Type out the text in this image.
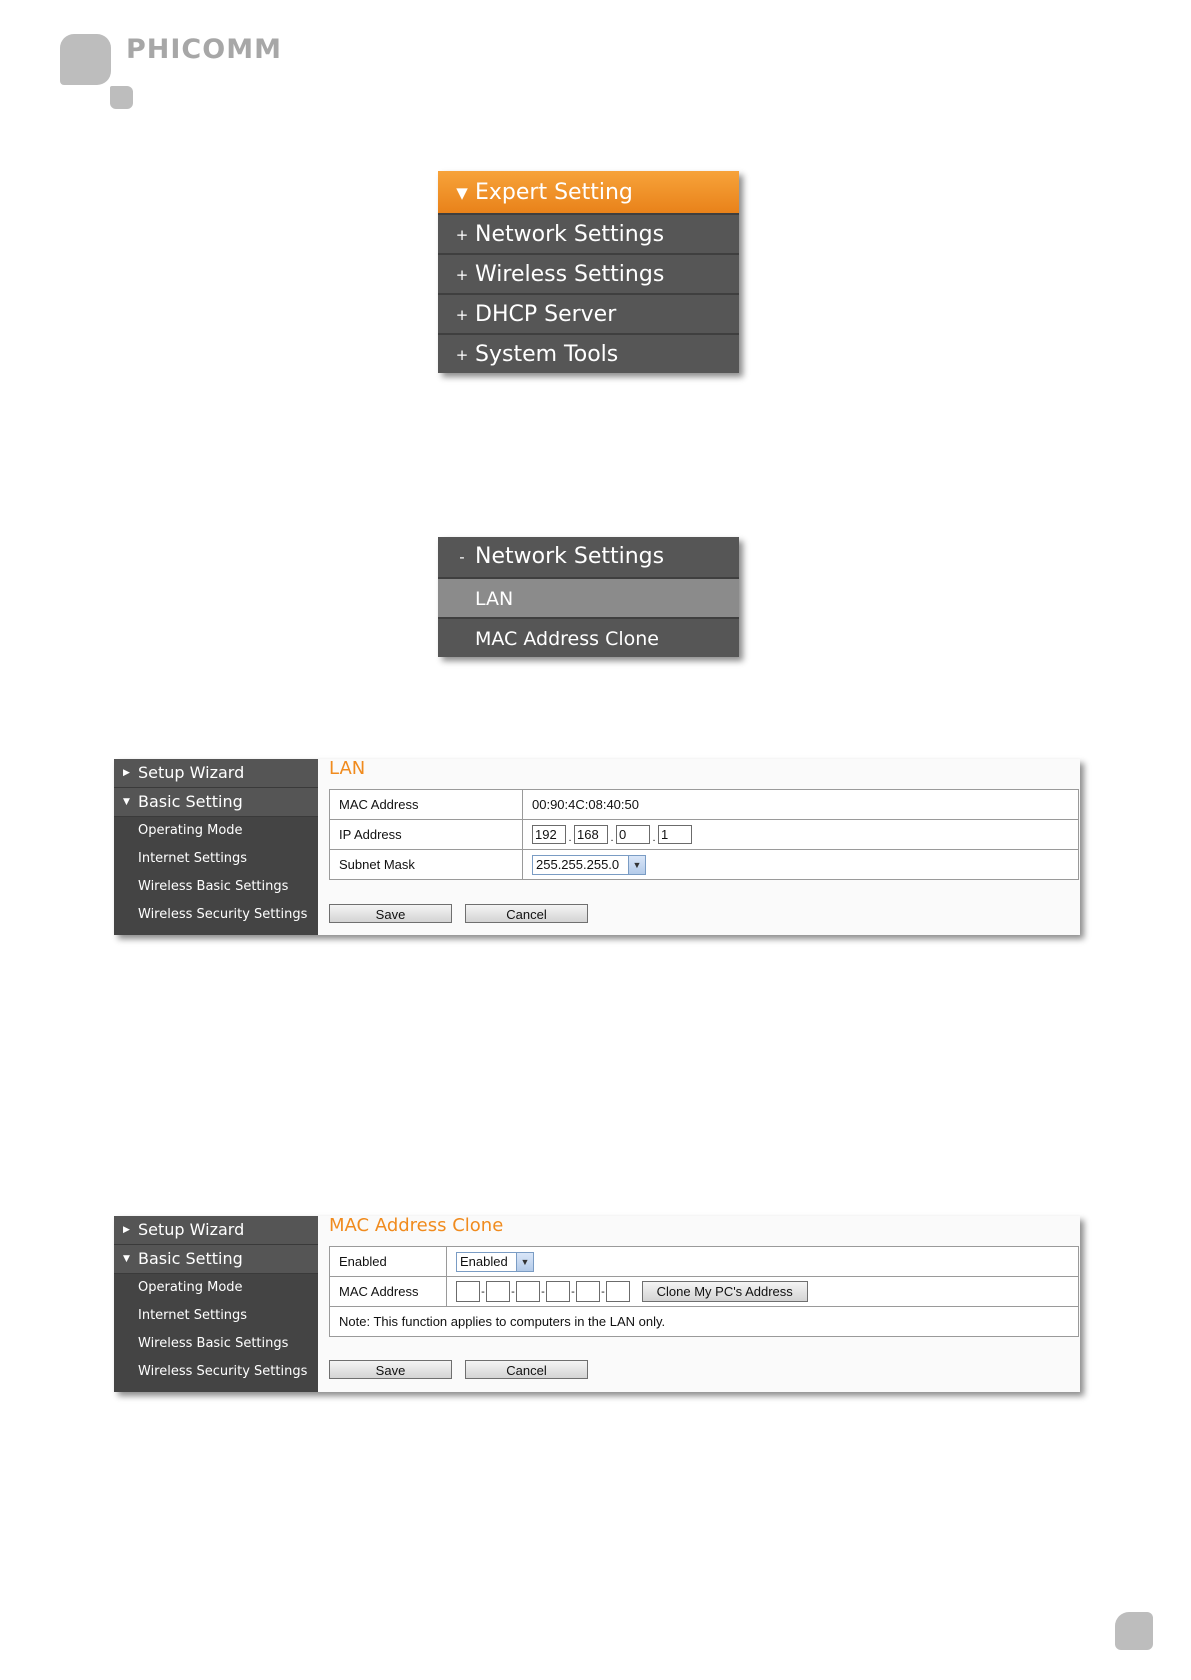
PHICOMM
▼ Expert Setting
+ Network Settings
+ Wireless Settings
+ DHCP Server
+ System Tools
- Network Settings
LAN
MAC Address Clone
▶ Setup Wizard
▼ Basic Setting
Operating Mode
Internet Settings
Wireless Basic Settings
Wireless Security Settings
LAN
MAC Address	00:90:4C:08:40:50
IP Address	192 . 168 . 0 . 1
Subnet Mask	255.255.255.0 ▼
Save	Cancel
▶ Setup Wizard
▼ Basic Setting
Operating Mode
Internet Settings
Wireless Basic Settings
Wireless Security Settings
MAC Address Clone
Enabled	Enabled ▼

MAC Address	- - - - - Clone My PC's Address
Note: This function applies to computers in the LAN only.	
Save	Cancel
